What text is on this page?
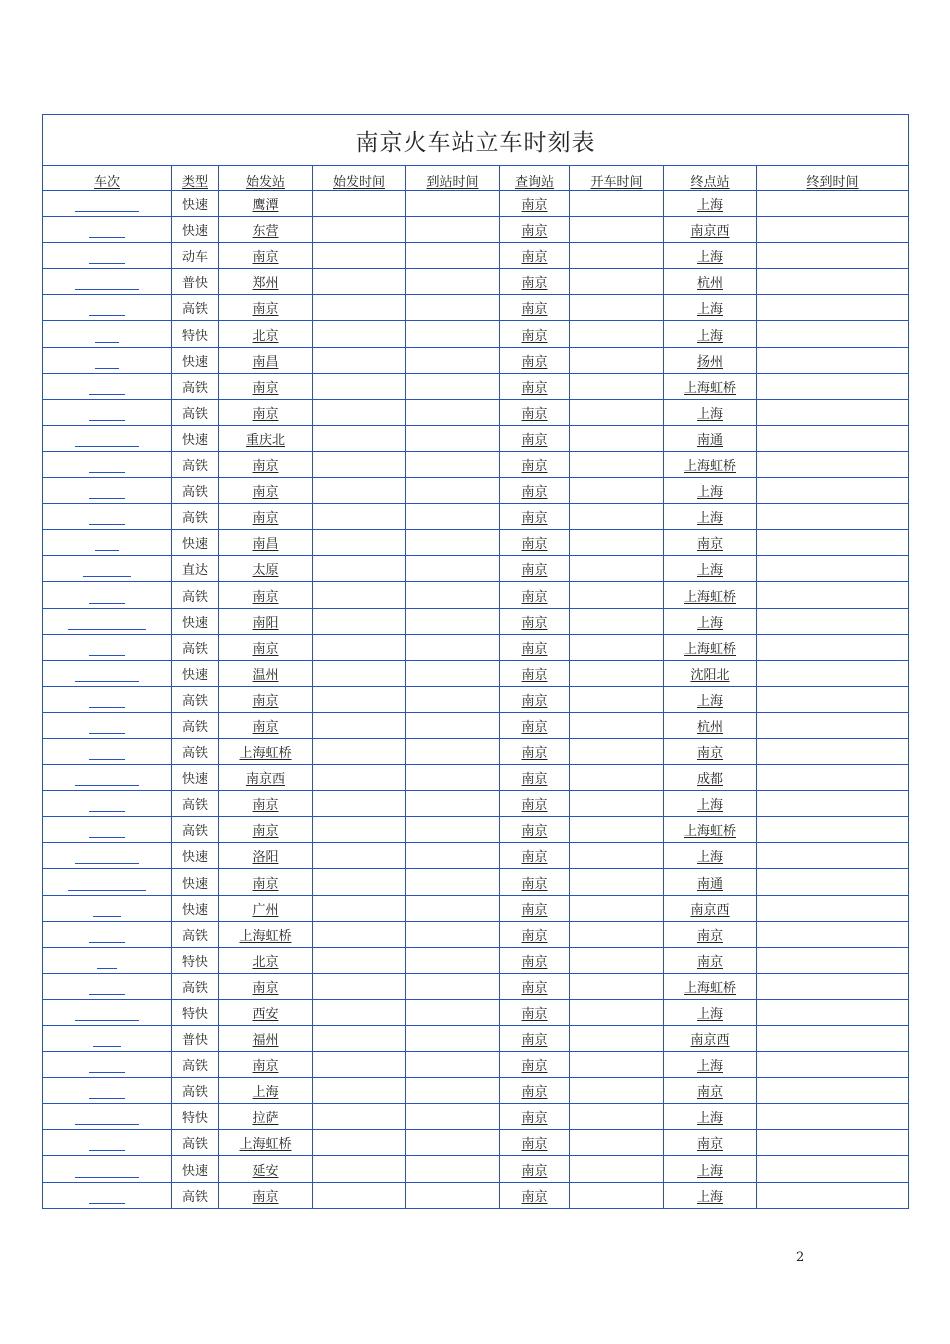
南京火车站立车时刻表								
车次	类型	始发站	始发时间	到站时间	查询站	开车时间	终点站	终到时间
	快速	鹰潭			南京		上海	
	快速	东营			南京		南京西	
	动车	南京			南京		上海	
	普快	郑州			南京		杭州	
	高铁	南京			南京		上海	
	特快	北京			南京		上海	
	快速	南昌			南京		扬州	
	高铁	南京			南京		上海虹桥	
	高铁	南京			南京		上海	
	快速	重庆北			南京		南通	
	高铁	南京			南京		上海虹桥	
	高铁	南京			南京		上海	
	高铁	南京			南京		上海	
	快速	南昌			南京		南京	
	直达	太原			南京		上海	
	高铁	南京			南京		上海虹桥	
	快速	南阳			南京		上海	
	高铁	南京			南京		上海虹桥	
	快速	温州			南京		沈阳北	
	高铁	南京			南京		上海	
	高铁	南京			南京		杭州	
	高铁	上海虹桥			南京		南京	
	快速	南京西			南京		成都	
	高铁	南京			南京		上海	
	高铁	南京			南京		上海虹桥	
	快速	洛阳			南京		上海	
	快速	南京			南京		南通	
	快速	广州			南京		南京西	
	高铁	上海虹桥			南京		南京	
	特快	北京			南京		南京	
	高铁	南京			南京		上海虹桥	
	特快	西安			南京		上海	
	普快	福州			南京		南京西	
	高铁	南京			南京		上海	
	高铁	上海			南京		南京	
	特快	拉萨			南京		上海	
	高铁	上海虹桥			南京		南京	
	快速	延安			南京		上海	
	高铁	南京			南京		上海	
2
